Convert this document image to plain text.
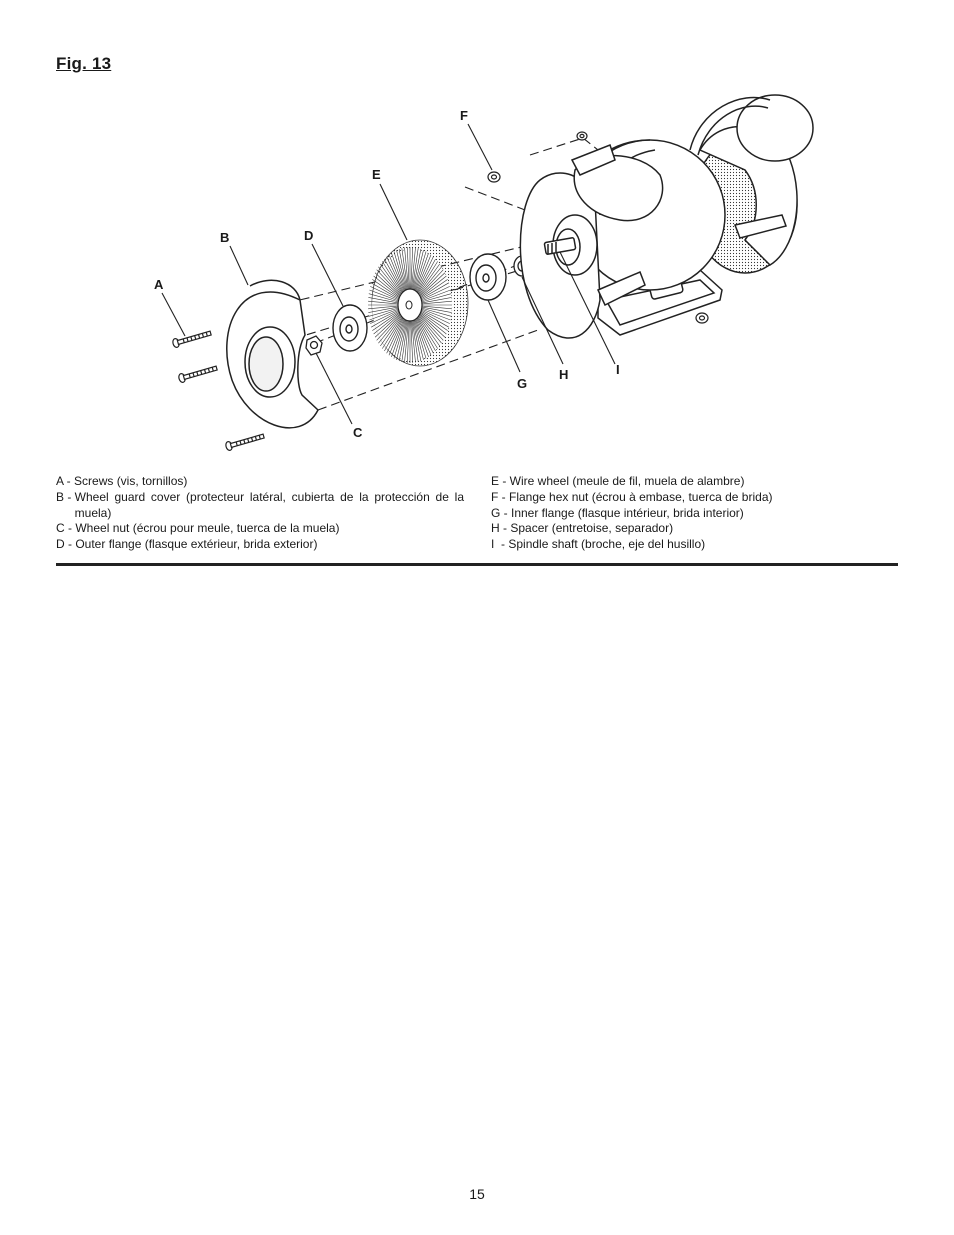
Fig. 13
A
B
C
D
E
F
G
H	I
A - Screws (vis, tornillos)
B - Wheel guard cover (protecteur latéral, cubierta de la protección de la muela)
C - Wheel nut (écrou pour meule, tuerca de la muela)
D - Outer flange (flasque extérieur, brida exterior)
E - Wire wheel (meule de fil, muela de alambre)
F - Flange hex nut (écrou à embase, tuerca de brida)
G - Inner flange (flasque intérieur, brida interior)
H - Spacer (entretoise, separador)
I  - Spindle shaft (broche, eje del husillo)
15
